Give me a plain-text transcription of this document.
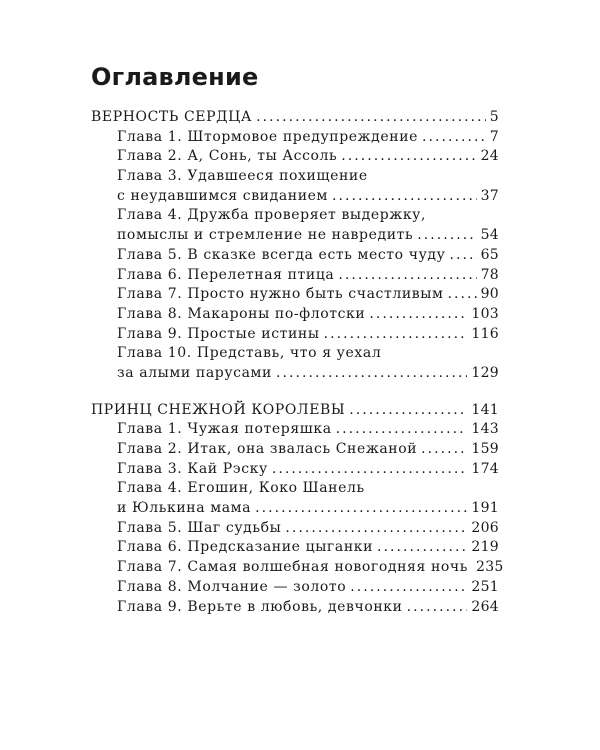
Оглавление
ВЕРНОСТЬ СЕРДЦА . . .	5
Глава 1. Штормовое предупреждение . . .	7
Глава 2. А, Сонь, ты Ассоль . . .	24
Глава 3. Удавшееся похищение
с неудавшимся свиданием . . .	37
Глава 4. Дружба проверяет выдержку,
помыслы и стремление не навредить . . .	54
Глава 5. В сказке всегда есть место чуду . . .	65
Глава 6. Перелетная птица . . .	78
Глава 7. Просто нужно быть счастливым . . .	90
Глава 8. Макароны по-флотски . . .	103
Глава 9. Простые истины . . .	116
Глава 10. Представь, что я уехал
за алыми парусами . . .	129
ПРИНЦ СНЕЖНОЙ КОРОЛЕВЫ . . .	141
Глава 1. Чужая потеряшка . . .	143
Глава 2. Итак, она звалась Снежаной . . .	159
Глава 3. Кай Рэску . . .	174
Глава 4. Егошин, Коко Шанель
и Юлькина мама . . .	191
Глава 5. Шаг судьбы . . .	206
Глава 6. Предсказание цыганки . . .	219
Глава 7. Самая волшебная новогодняя ночь 235
Глава 8. Молчание — золото . . .	251
Глава 9. Верьте в любовь, девчонки . . .	264
